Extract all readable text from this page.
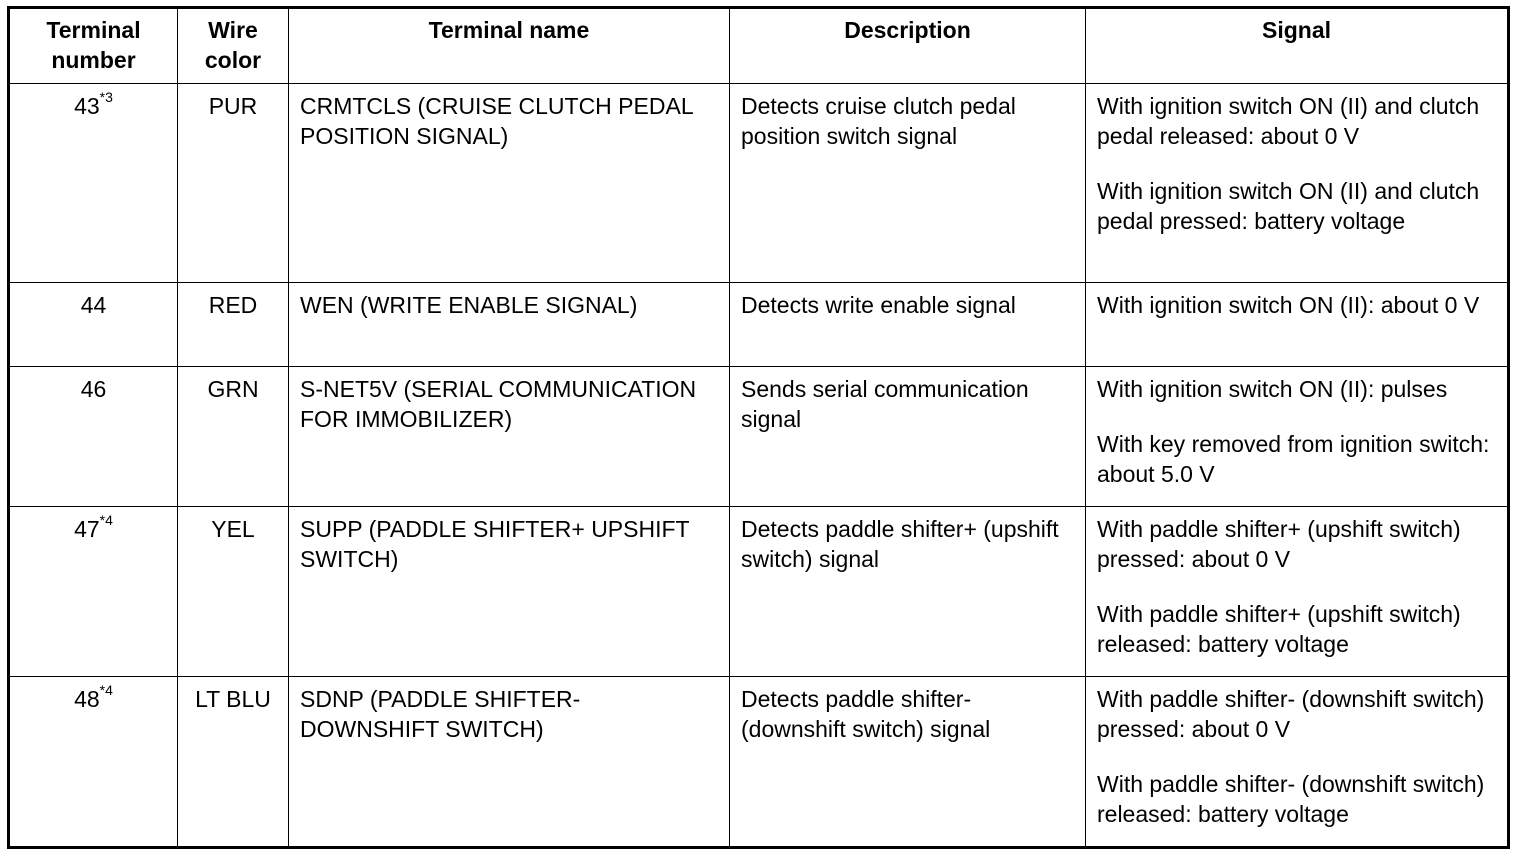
Terminal number	Wire color	Terminal name	Description	Signal
43$^{*3}$	PUR	CRMTCLS (CRUISE CLUTCH PEDAL POSITION SIGNAL)	Detects cruise clutch pedal position switch signal	With ignition switch ON (II) and clutch pedal released: about 0 V
With ignition switch ON (II) and clutch pedal pressed: battery voltage

44	RED	WEN (WRITE ENABLE SIGNAL)	Detects write enable signal	With ignition switch ON (II): about 0 V

46	GRN	S-NET5V (SERIAL COMMUNICATION FOR IMMOBILIZER)	Sends serial communication signal	With ignition switch ON (II): pulses
With key removed from ignition switch: about 5.0 V

47$^{*4}$	YEL	SUPP (PADDLE SHIFTER+ UPSHIFT SWITCH)	Detects paddle shifter+ (upshift switch) signal	With paddle shifter+ (upshift switch) pressed: about 0 V
With paddle shifter+ (upshift switch) released: battery voltage

48$^{*4}$	LT BLU	SDNP (PADDLE SHIFTER- DOWNSHIFT SWITCH)	Detects paddle shifter- (downshift switch) signal	With paddle shifter- (downshift switch) pressed: about 0 V
With paddle shifter- (downshift switch) released: battery voltage
